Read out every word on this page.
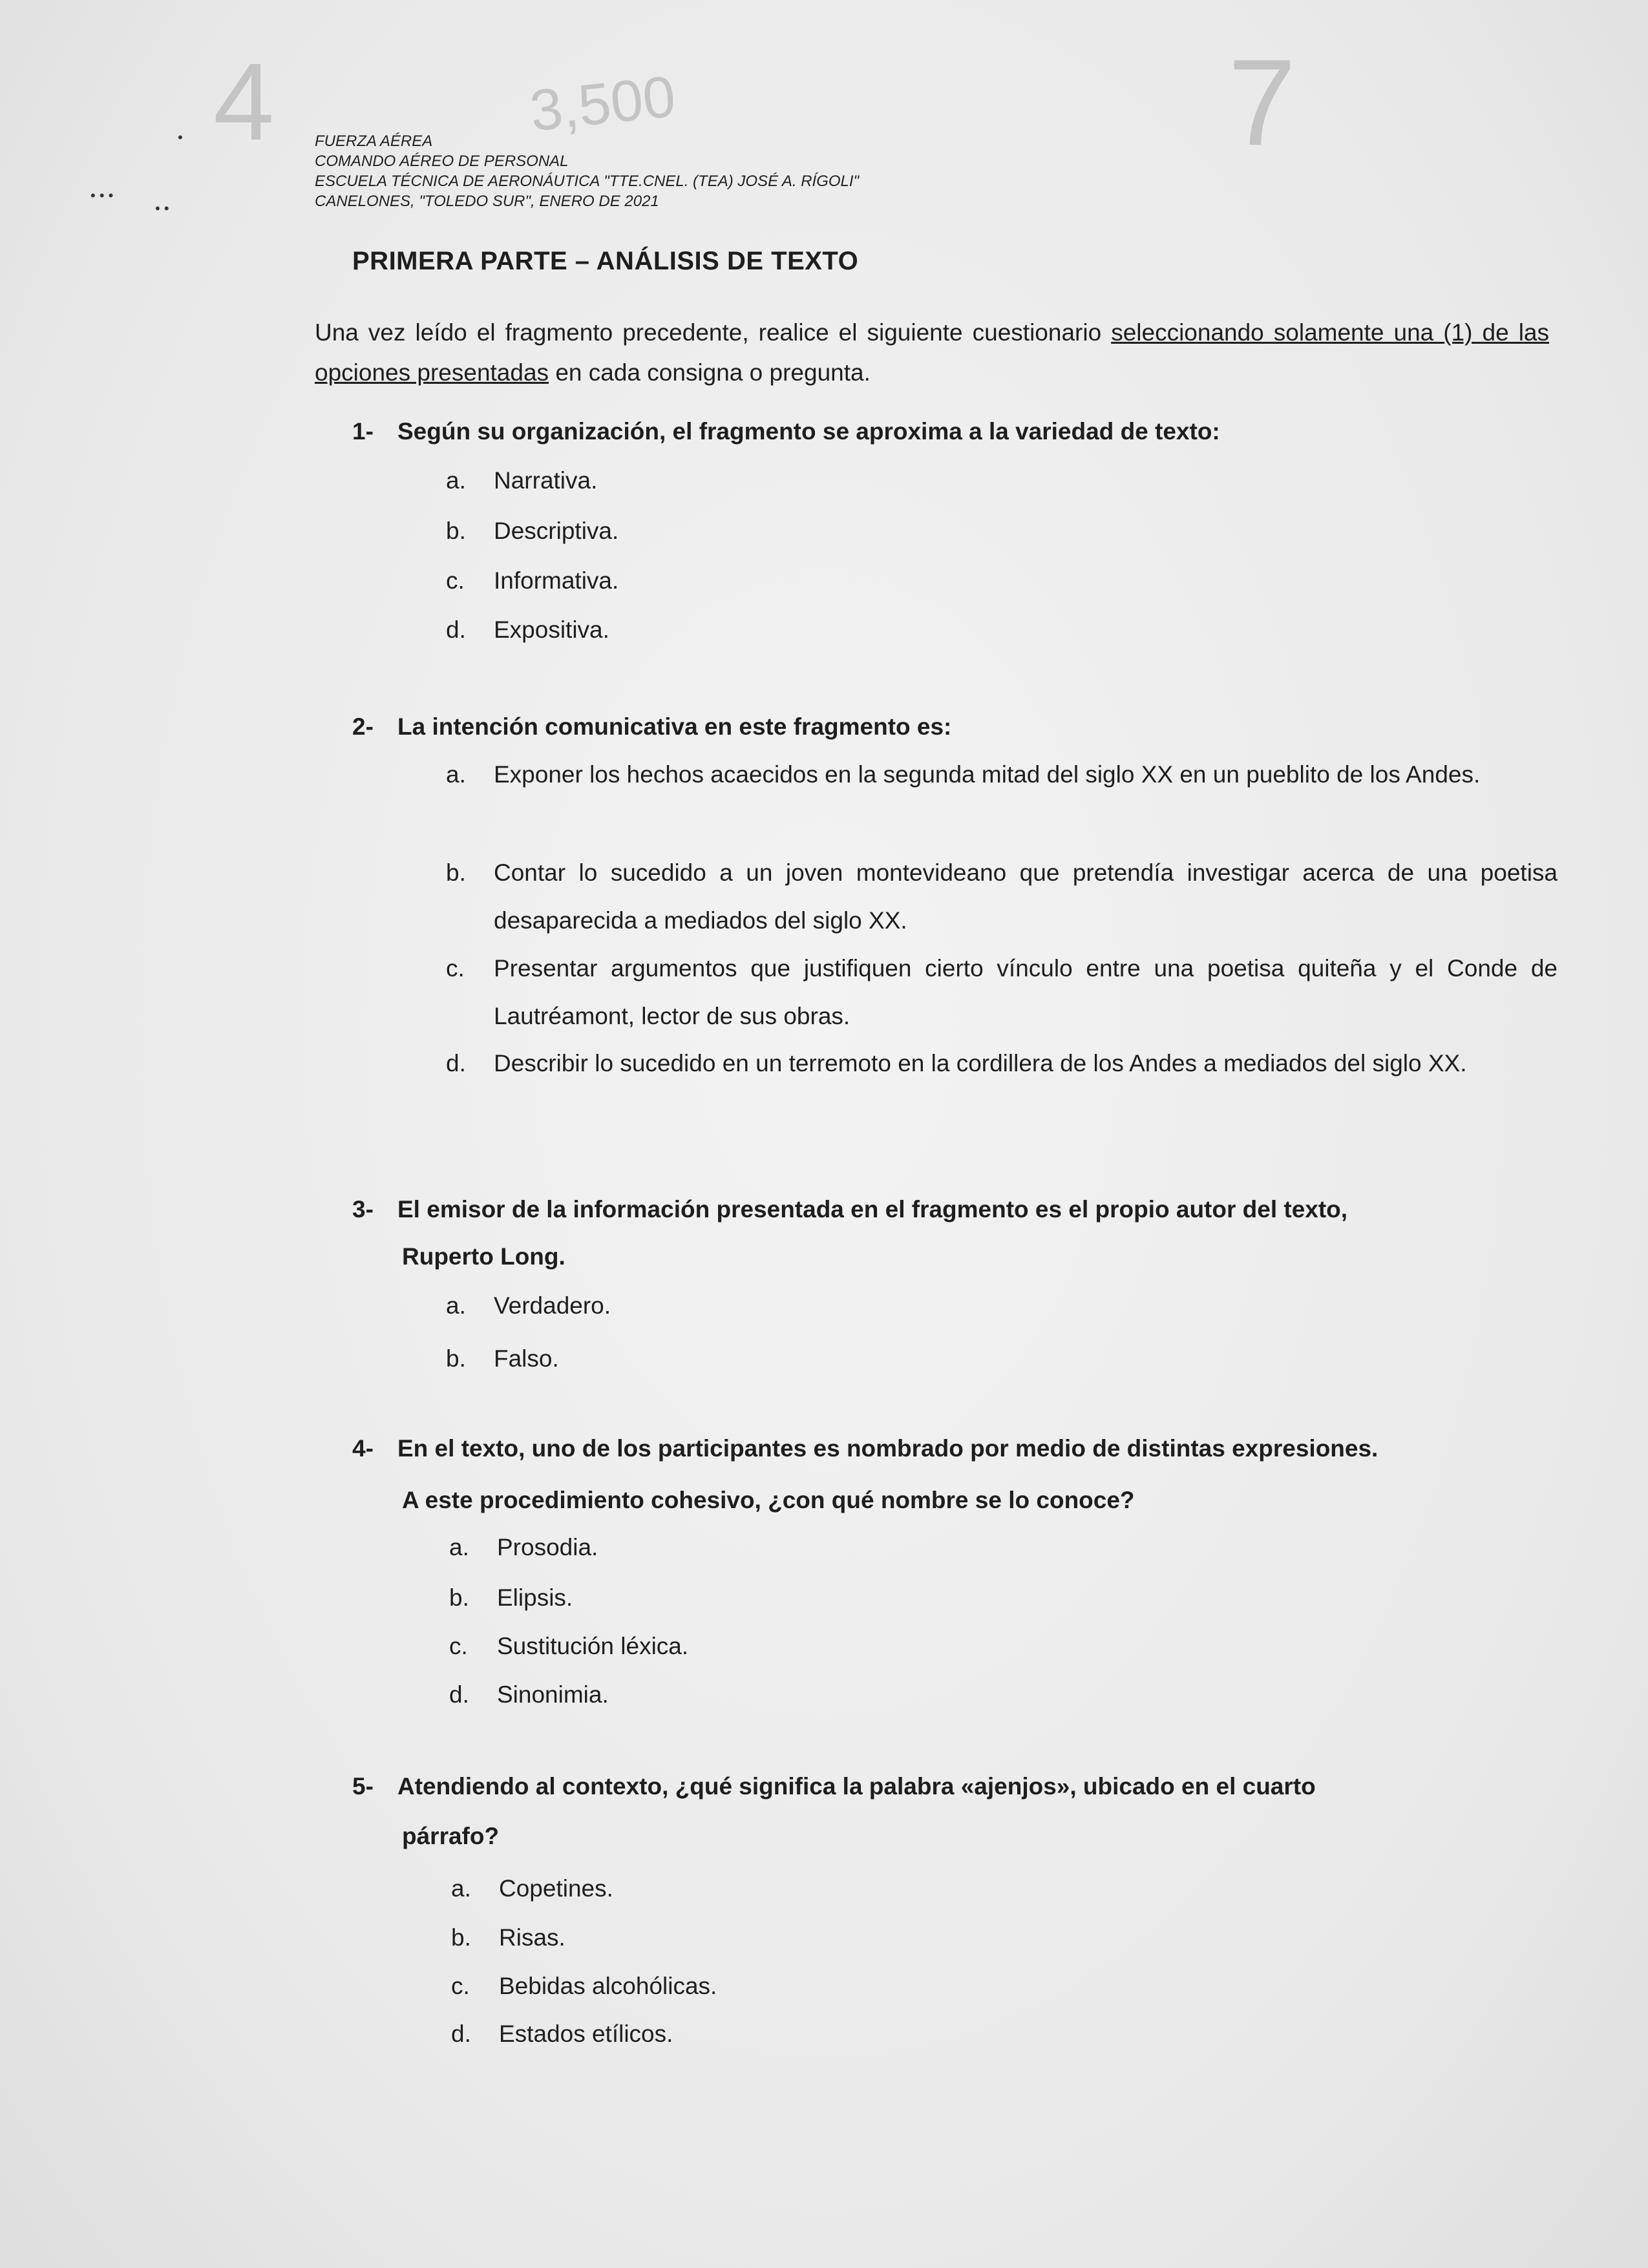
4	3,500	7
•
• • •
• •
FUERZA AÉREA
COMANDO AÉREO DE PERSONAL
ESCUELA TÉCNICA DE AERONÁUTICA "TTE.CNEL. (TEA) JOSÉ A. RÍGOLI"
CANELONES, "TOLEDO SUR", ENERO DE 2021
PRIMERA PARTE – ANÁLISIS DE TEXTO
Una vez leído el fragmento precedente, realice el siguiente cuestionario seleccionando solamente una (1) de las opciones presentadas en cada consigna o pregunta.
1- Según su organización, el fragmento se aproxima a la variedad de texto:
a.	Narrativa.
b.	Descriptiva.
c.	Informativa.
d.	Expositiva.
2- La intención comunicativa en este fragmento es:
a.	Exponer los hechos acaecidos en la segunda mitad del siglo XX en un pueblito de los Andes.
b.	Contar lo sucedido a un joven montevideano que pretendía investigar acerca de una poetisa desaparecida a mediados del siglo XX.
c.	Presentar argumentos que justifiquen cierto vínculo entre una poetisa quiteña y el Conde de Lautréamont, lector de sus obras.
d.	Describir lo sucedido en un terremoto en la cordillera de los Andes a mediados del siglo XX.
3- El emisor de la información presentada en el fragmento es el propio autor del texto,
Ruperto Long.
a.	Verdadero.
b.	Falso.
4- En el texto, uno de los participantes es nombrado por medio de distintas expresiones.
A este procedimiento cohesivo, ¿con qué nombre se lo conoce?
a.	Prosodia.
b.	Elipsis.
c.	Sustitución léxica.
d.	Sinonimia.
5- Atendiendo al contexto, ¿qué significa la palabra «ajenjos», ubicado en el cuarto
párrafo?
a.	Copetines.
b.	Risas.
c.	Bebidas alcohólicas.
d.	Estados etílicos.
